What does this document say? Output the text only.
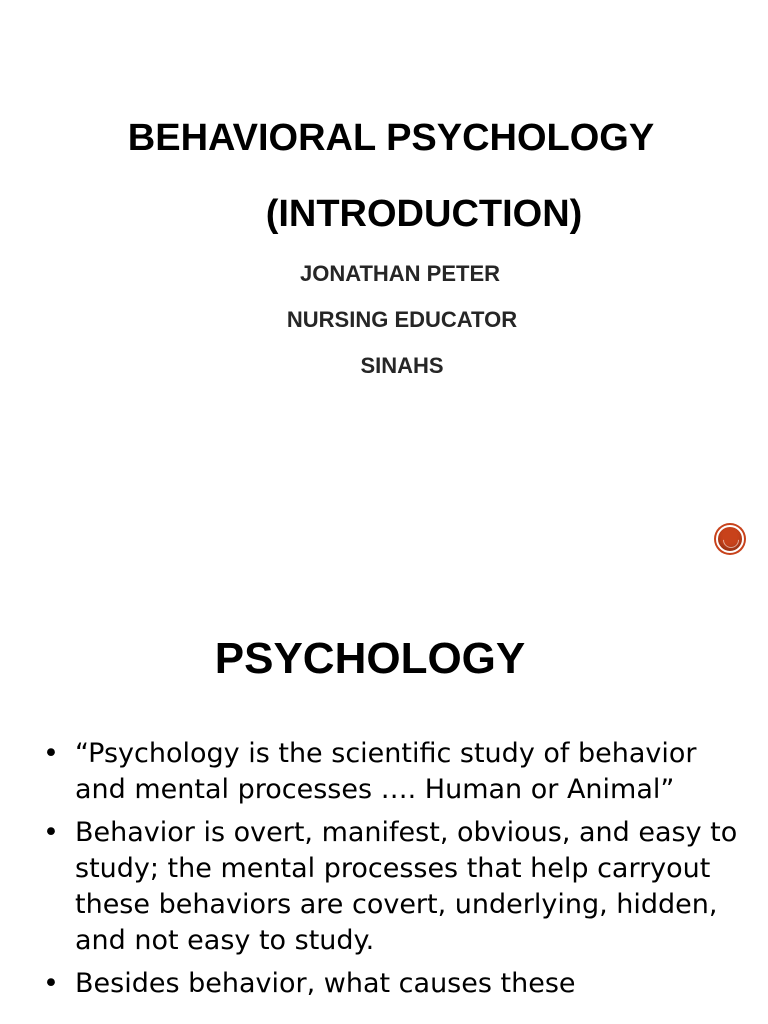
BEHAVIORAL PSYCHOLOGY
(INTRODUCTION)
JONATHAN PETER
NURSING EDUCATOR
SINAHS
PSYCHOLOGY
• “Psychology is the scientific study of behavior and mental processes …. Human or Animal”
• Behavior is overt, manifest, obvious, and easy to study; the mental processes that help carryout these behaviors are covert, underlying, hidden, and not easy to study.
• Besides behavior, what causes these
